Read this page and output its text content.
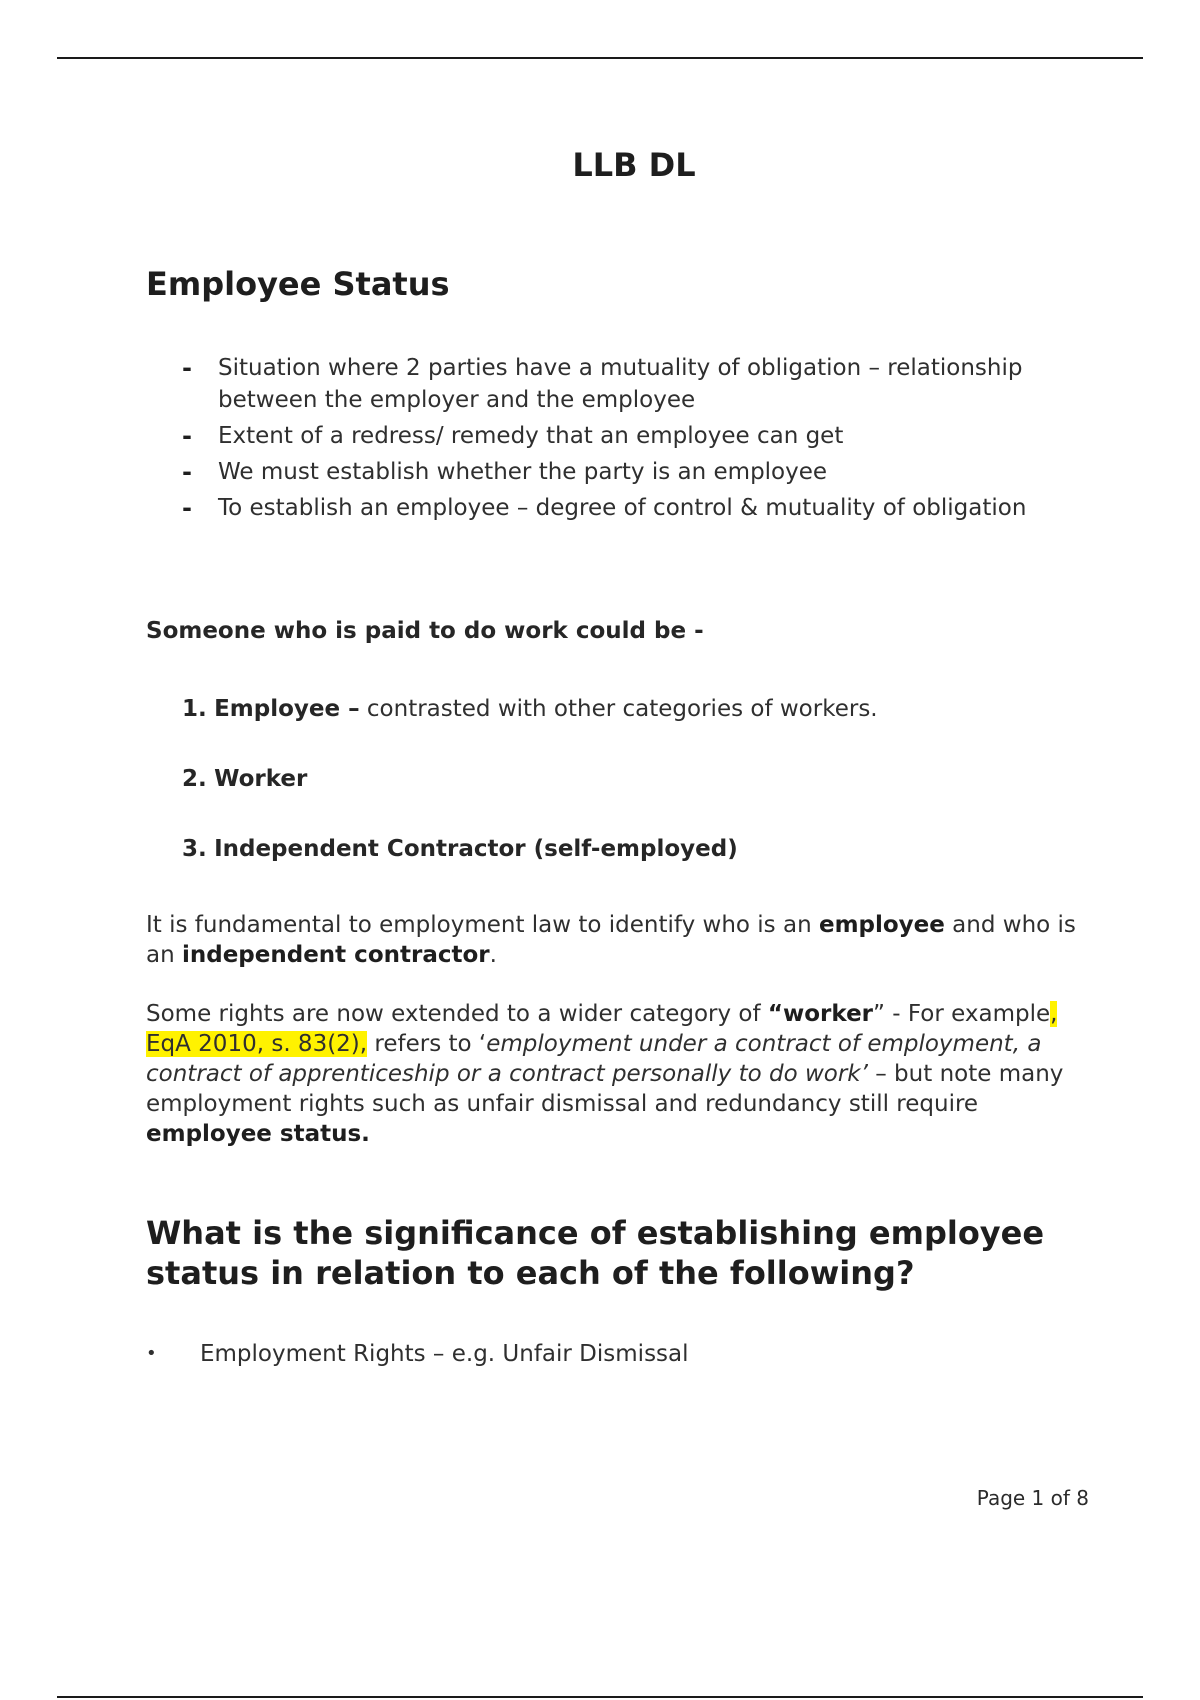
LLB DL
Employee Status
- Situation where 2 parties have a mutuality of obligation – relationship between the employer and the employee
- Extent of a redress/ remedy that an employee can get
- We must establish whether the party is an employee
- To establish an employee – degree of control & mutuality of obligation

Someone who is paid to do work could be -

1. Employee – contrasted with other categories of workers.
2. Worker
3. Independent Contractor (self-employed)

It is fundamental to employment law to identify who is an employee and who is an independent contractor.

Some rights are now extended to a wider category of “worker” - For example, EqA 2010, s. 83(2), refers to ‘employment under a contract of employment, a contract of apprenticeship or a contract personally to do work’ – but note many employment rights such as unfair dismissal and redundancy still require employee status.

What is the significance of establishing employee status in relation to each of the following?
• Employment Rights – e.g. Unfair Dismissal
Page 1 of 8
